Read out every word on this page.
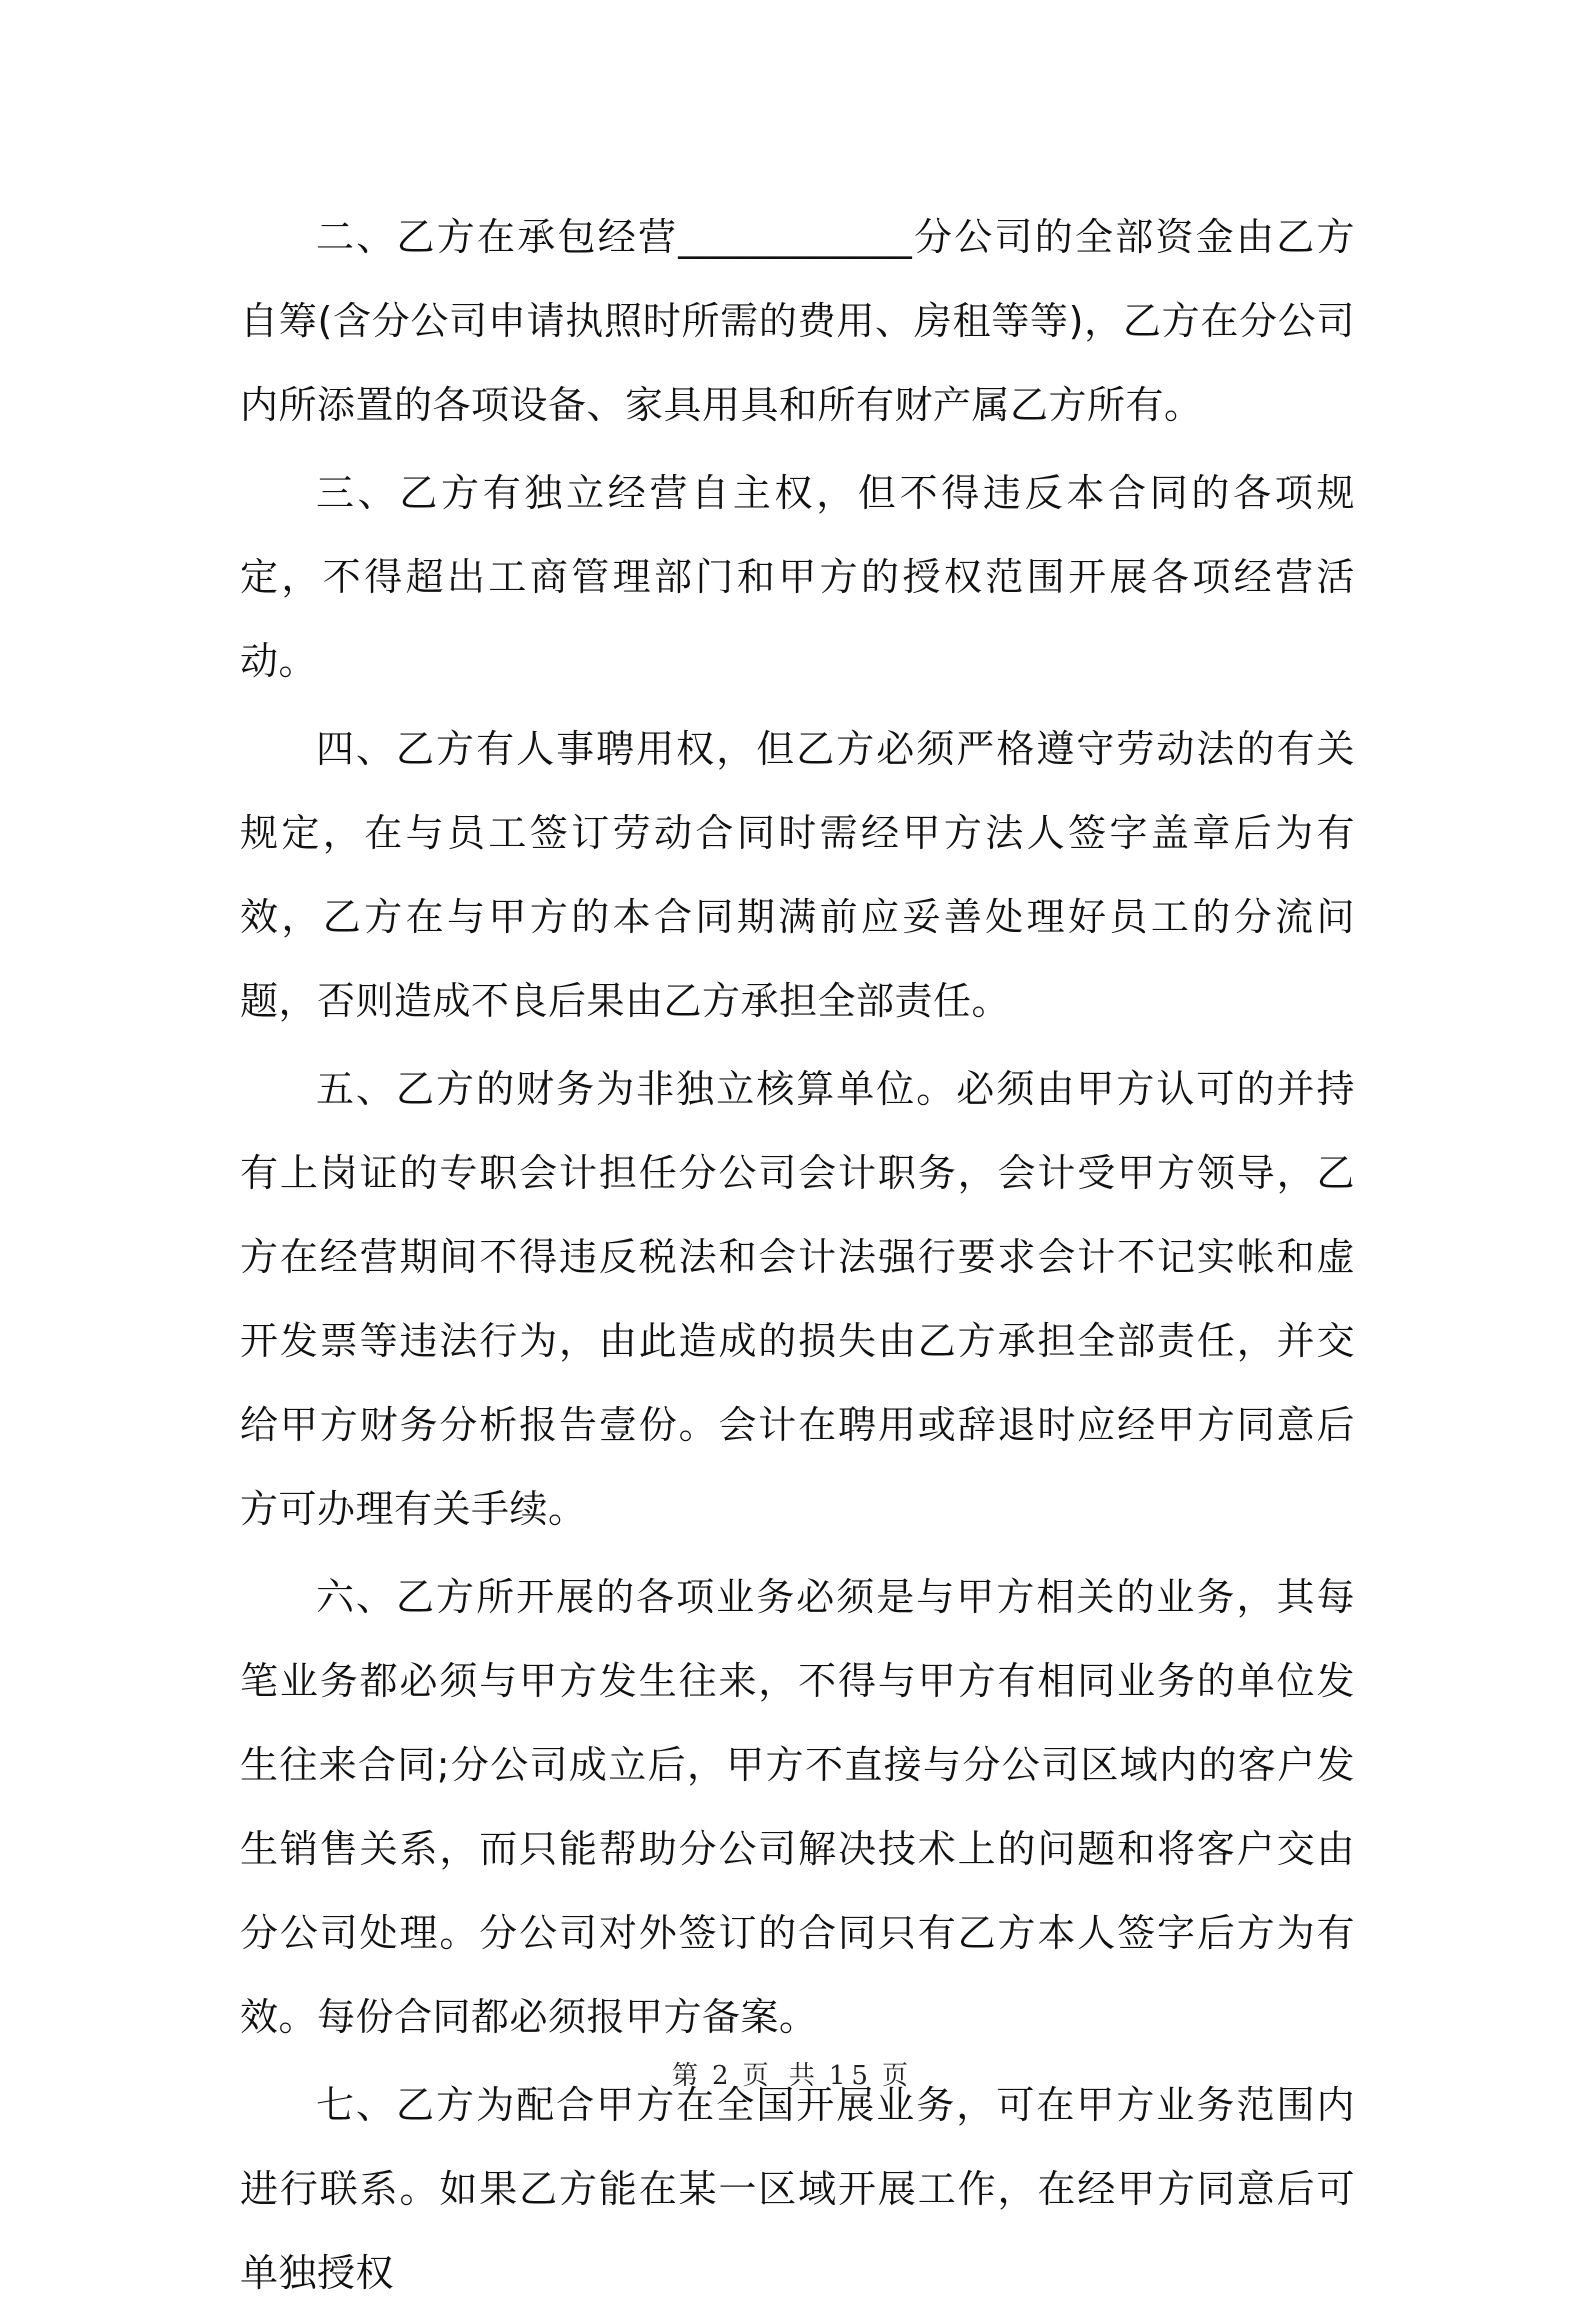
二、乙方在承包经营____________分公司的全部资金由乙方自筹(含分公司申请执照时所需的费用、房租等等)，乙方在分公司内所添置的各项设备、家具用具和所有财产属乙方所有。

三、乙方有独立经营自主权，但不得违反本合同的各项规定，不得超出工商管理部门和甲方的授权范围开展各项经营活动。

四、乙方有人事聘用权，但乙方必须严格遵守劳动法的有关规定，在与员工签订劳动合同时需经甲方法人签字盖章后为有效，乙方在与甲方的本合同期满前应妥善处理好员工的分流问题，否则造成不良后果由乙方承担全部责任。

五、乙方的财务为非独立核算单位。必须由甲方认可的并持有上岗证的专职会计担任分公司会计职务，会计受甲方领导，乙方在经营期间不得违反税法和会计法强行要求会计不记实帐和虚开发票等违法行为，由此造成的损失由乙方承担全部责任，并交给甲方财务分析报告壹份。会计在聘用或辞退时应经甲方同意后方可办理有关手续。

六、乙方所开展的各项业务必须是与甲方相关的业务，其每笔业务都必须与甲方发生往来，不得与甲方有相同业务的单位发生往来合同;分公司成立后，甲方不直接与分公司区域内的客户发生销售关系，而只能帮助分公司解决技术上的问题和将客户交由分公司处理。分公司对外签订的合同只有乙方本人签字后方为有效。每份合同都必须报甲方备案。

七、乙方为配合甲方在全国开展业务，可在甲方业务范围内进行联系。如果乙方能在某一区域开展工作，在经甲方同意后可单独授权

第 2 页 共 15 页
